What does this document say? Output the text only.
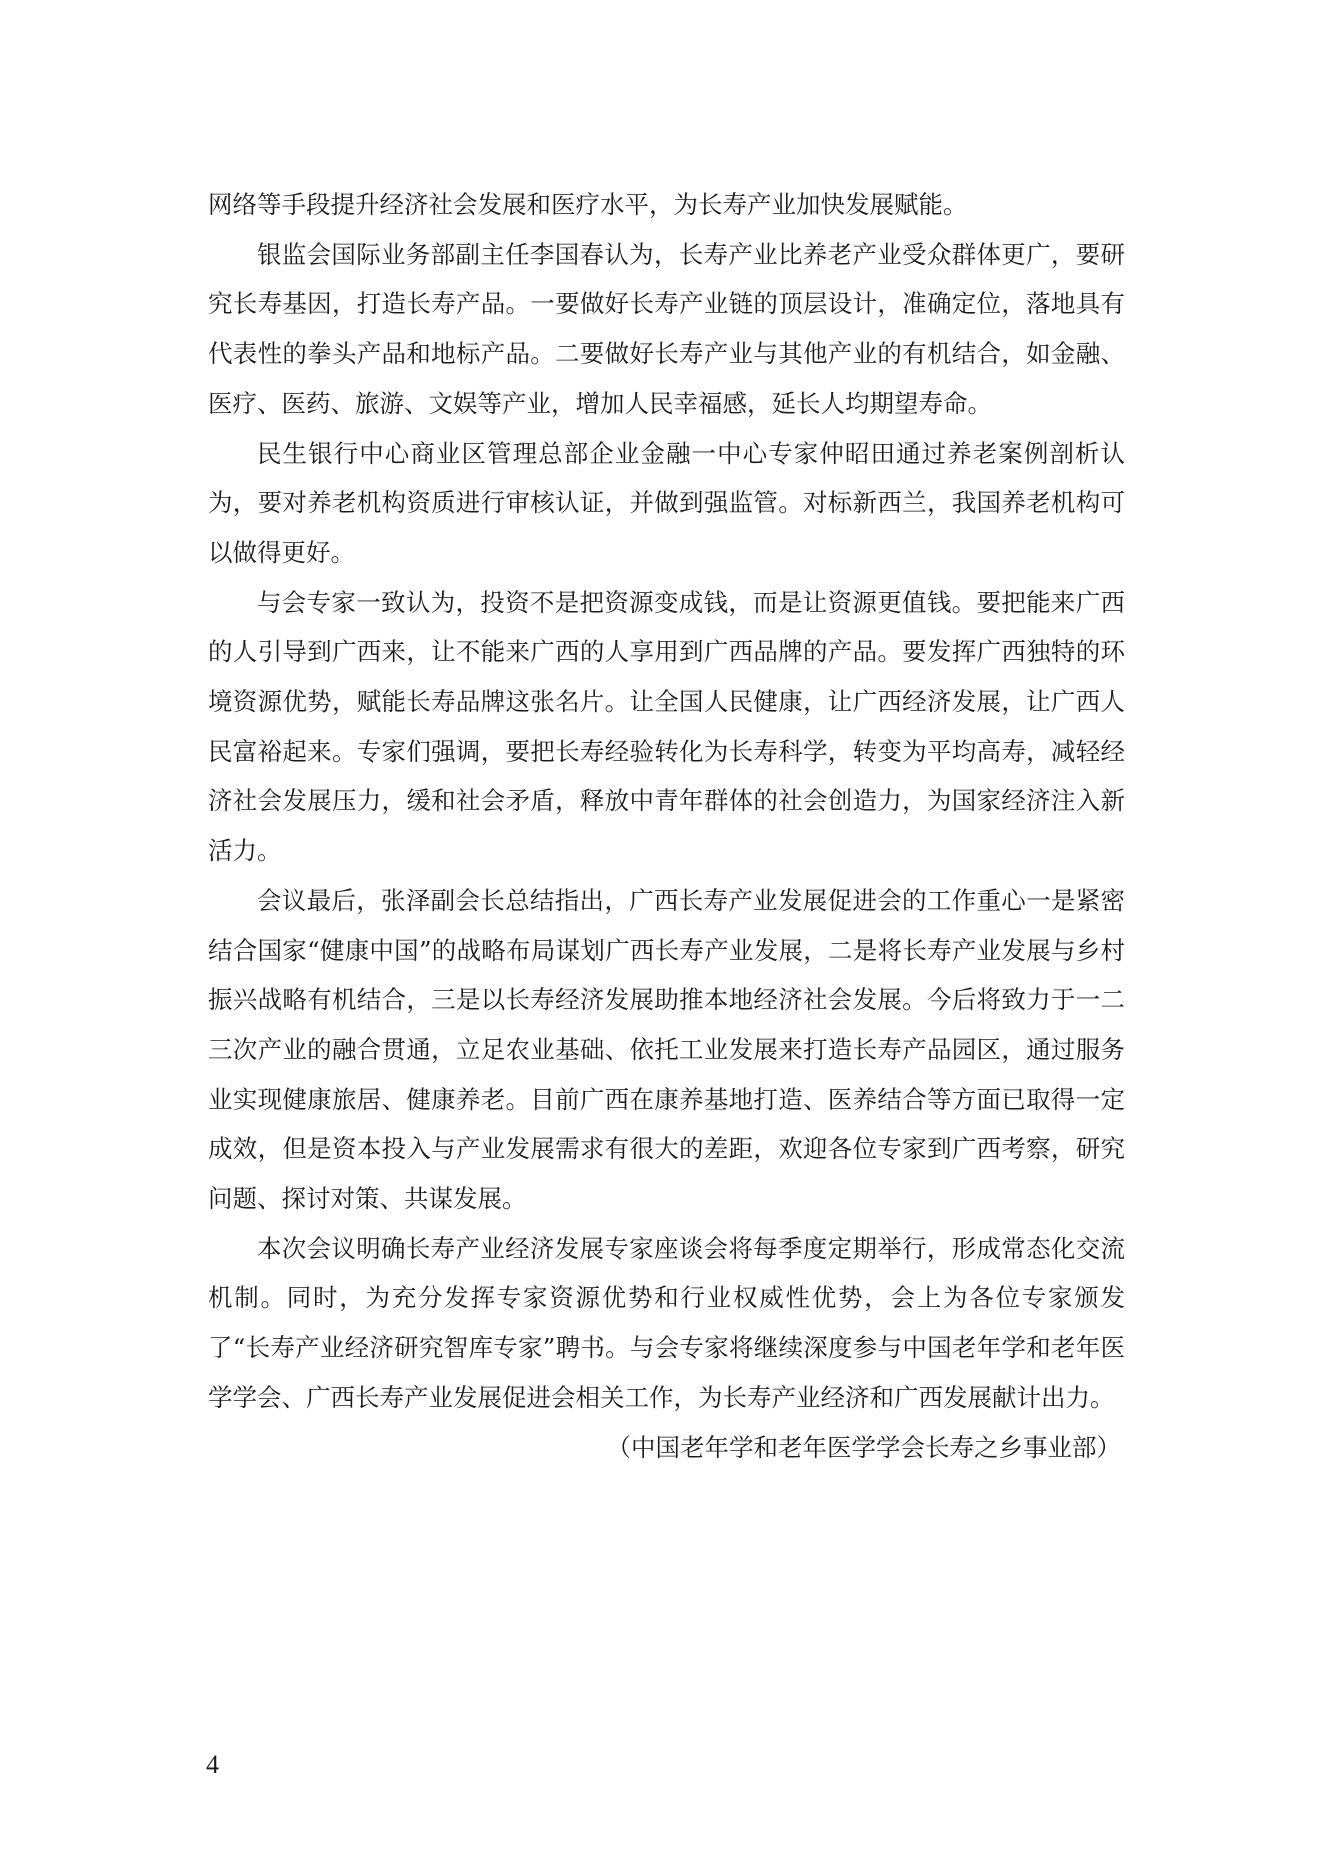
网络等手段提升经济社会发展和医疗水平，为长寿产业加快发展赋能。

银监会国际业务部副主任李国春认为，长寿产业比养老产业受众群体更广，要研究长寿基因，打造长寿产品。一要做好长寿产业链的顶层设计，准确定位，落地具有代表性的拳头产品和地标产品。二要做好长寿产业与其他产业的有机结合，如金融、医疗、医药、旅游、文娱等产业，增加人民幸福感，延长人均期望寿命。

民生银行中心商业区管理总部企业金融一中心专家仲昭田通过养老案例剖析认为，要对养老机构资质进行审核认证，并做到强监管。对标新西兰，我国养老机构可以做得更好。

与会专家一致认为，投资不是把资源变成钱，而是让资源更值钱。要把能来广西的人引导到广西来，让不能来广西的人享用到广西品牌的产品。要发挥广西独特的环境资源优势，赋能长寿品牌这张名片。让全国人民健康，让广西经济发展，让广西人民富裕起来。专家们强调，要把长寿经验转化为长寿科学，转变为平均高寿，减轻经济社会发展压力，缓和社会矛盾，释放中青年群体的社会创造力，为国家经济注入新活力。

会议最后，张泽副会长总结指出，广西长寿产业发展促进会的工作重心一是紧密结合国家“健康中国”的战略布局谋划广西长寿产业发展，二是将长寿产业发展与乡村振兴战略有机结合，三是以长寿经济发展助推本地经济社会发展。今后将致力于一二三次产业的融合贯通，立足农业基础、依托工业发展来打造长寿产品园区，通过服务业实现健康旅居、健康养老。目前广西在康养基地打造、医养结合等方面已取得一定成效，但是资本投入与产业发展需求有很大的差距，欢迎各位专家到广西考察，研究问题、探讨对策、共谋发展。

本次会议明确长寿产业经济发展专家座谈会将每季度定期举行，形成常态化交流机制。同时，为充分发挥专家资源优势和行业权威性优势，会上为各位专家颁发了“长寿产业经济研究智库专家”聘书。与会专家将继续深度参与中国老年学和老年医学学会、广西长寿产业发展促进会相关工作，为长寿产业经济和广西发展献计出力。

（中国老年学和老年医学学会长寿之乡事业部）

4
